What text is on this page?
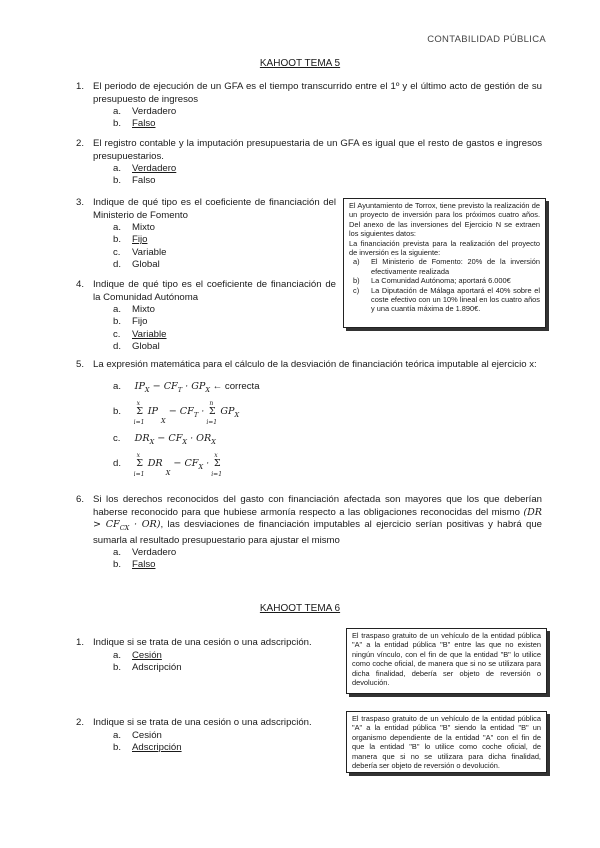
CONTABILIDAD PÚBLICA
KAHOOT TEMA 5
1. El periodo de ejecución de un GFA es el tiempo transcurrido entre el 1º y el último acto de gestión de su presupuesto de ingresos
a.	Verdadero
b.	Falso
2. El registro contable y la imputación presupuestaria de un GFA es igual que el resto de gastos e ingresos presupuestarios.
a.	Verdadero
b.	Falso
3. Indique de qué tipo es el coeficiente de financiación del Ministerio de Fomento
a.	Mixto
b.	Fijo
c.	Variable
d.	Global
4. Indique de qué tipo es el coeficiente de financiación de la Comunidad Autónoma
a.	Mixto
b.	Fijo
c.	Variable
d.	Global
El Ayuntamiento de Torrox, tiene previsto la realización de un proyecto de inversión para los próximos cuatro años. Del anexo de las inversiones del Ejercicio N se extraen los siguientes datos:
La financiación prevista para la realización del proyecto de inversión es la siguiente:
a)	El Ministerio de Fomento: 20% de la inversión efectivamente realizada
b)	La Comunidad Autónoma; aportará 6.000€
c)	La Diputación de Málaga aportará el 40% sobre el coste efectivo con un 10% lineal en los cuatro años y una cuantía máxima de 1.890€.
5. La expresión matemática para el cálculo de la desviación de financiación teórica imputable al ejercicio x:
a. $IP_X - CF_T \cdot GP_X$ ← correcta
b. Σ
x
i=1
IP $_X - CF_T \cdot \Sigma$
n
i=1
$GP_X$
c. $DR_X - CF_X \cdot OR_X$
d. Σ
x
i=1
DR $_X - CF_X \cdot \Sigma$
x
i=1
6. Si los derechos reconocidos del gasto con financiación afectada son mayores que los que deberían haberse reconocido para que hubiese armonía respecto a las obligaciones reconocidas del mismo $(DR > CF_{CX} \cdot OR)$, las desviaciones de financiación imputables al ejercicio serían positivas y habrá que sumarla al resultado presupuestario para ajustar el mismo
a.	Verdadero
b.	Falso
KAHOOT TEMA 6
1. Indique si se trata de una cesión o una adscripción.
a.	Cesión
b.	Adscripción
El traspaso gratuito de un vehículo de la entidad pública "A" a la entidad pública "B" entre las que no existen ningún vínculo, con el fin de que la entidad "B" lo utilice como coche oficial, de manera que si no se utilizara para dicha finalidad, debería ser objeto de reversión o devolución.
2. Indique si se trata de una cesión o una adscripción.
a.	Cesión
b.	Adscripción
El traspaso gratuito de un vehículo de la entidad pública "A" a la entidad pública "B" siendo la entidad "B" un organismo dependiente de la entidad "A" con el fin de que la entidad "B" lo utilice como coche oficial, de manera que si no se utilizara para dicha finalidad, debería ser objeto de reversión o devolución.
